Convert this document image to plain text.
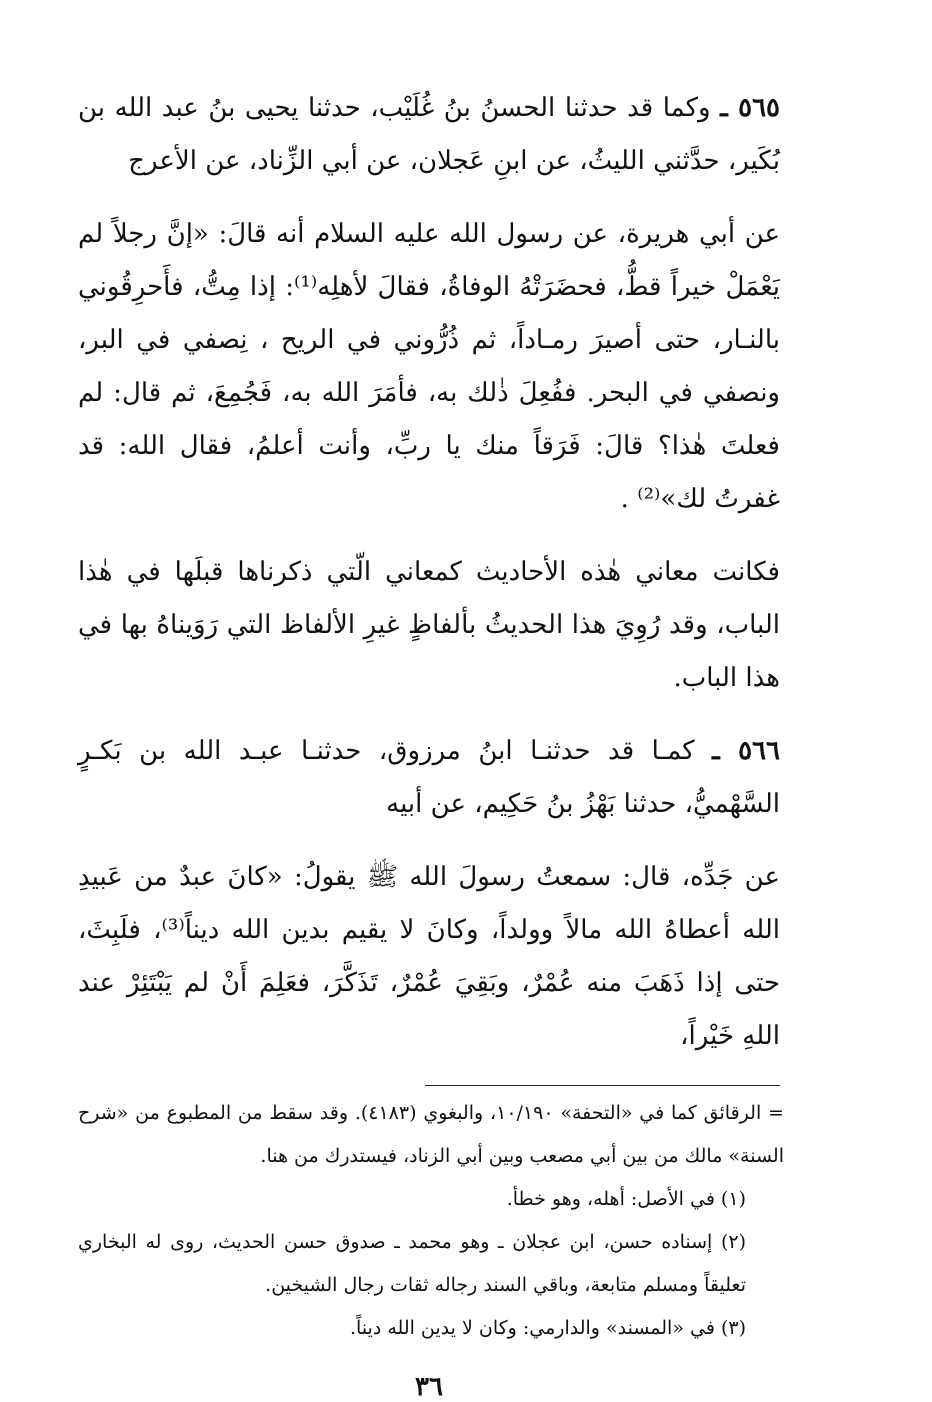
٥٦٥ ـ وكما قد حدثنا الحسنُ بنُ غُلَيْب، حدثنا يحيى بنُ عبد الله بن بُكَير، حدَّثني الليثُ، عن ابنِ عَجلان، عن أبي الزِّناد، عن الأعرج

عن أبي هريرة، عن رسول الله عليه السلام أنه قالَ: «إنَّ رجلاً لم يَعْمَلْ خيراً قطُّ، فحضَرَتْهُ الوفاةُ، فقالَ لأهلِه⁽¹⁾: إذا مِتُّ، فأَحرِقُوني بالنـار، حتى أصيرَ رمـاداً، ثم ذُرُّوني في الريح ، نِصفي في البر، ونصفي في البحر. ففُعِلَ ذٰلك به، فأمَرَ الله به، فَجُمِعَ، ثم قال: لم فعلتَ هٰذا؟ قالَ: فَرَقاً منك يا ربِّ، وأنت أعلمُ، فقال الله: قد غفرتُ لك»⁽²⁾ .

فكانت معاني هٰذه الأحاديث كمعاني الّتي ذكرناها قبلَها في هٰذا الباب، وقد رُوِيَ هذا الحديثُ بألفاظٍ غيرِ الألفاظ التي رَوَيناهُ بها في هذا الباب.

٥٦٦ ـ كمـا قد حدثنـا ابنُ مرزوق، حدثنـا عبـد الله بن بَكـرٍ السَّهْميُّ، حدثنا بَهْزُ بنُ حَكِيم، عن أبيه

عن جَدِّه، قال: سمعتُ رسولَ الله ﷺ يقولُ: «كانَ عبدٌ من عَبيدِ الله أعطاهُ الله مالاً وولداً، وكانَ لا يقيم بدين الله ديناً⁽³⁾، فلَبِثَ، حتى إذا ذَهَبَ منه عُمْرٌ، وبَقِيَ عُمْرٌ، تَذَكَّرَ، فعَلِمَ أَنْ لم يَبْتَئِرْ عند اللهِ خَيْراً،

= الرقائق كما في «التحفة» ١٠/١٩٠، والبغوي (٤١٨٣). وقد سقط من المطبوع من «شرح السنة» مالك من بين أبي مصعب وبين أبي الزناد، فيستدرك من هنا.

(١) في الأصل: أهله، وهو خطأ.

(٢) إسناده حسن، ابن عجلان ـ وهو محمد ـ صدوق حسن الحديث، روى له البخاري تعليقاً ومسلم متابعة، وباقي السند رجاله ثقات رجال الشيخين.

(٣) في «المسند» والدارمي: وكان لا يدين الله ديناً.

٣٦
